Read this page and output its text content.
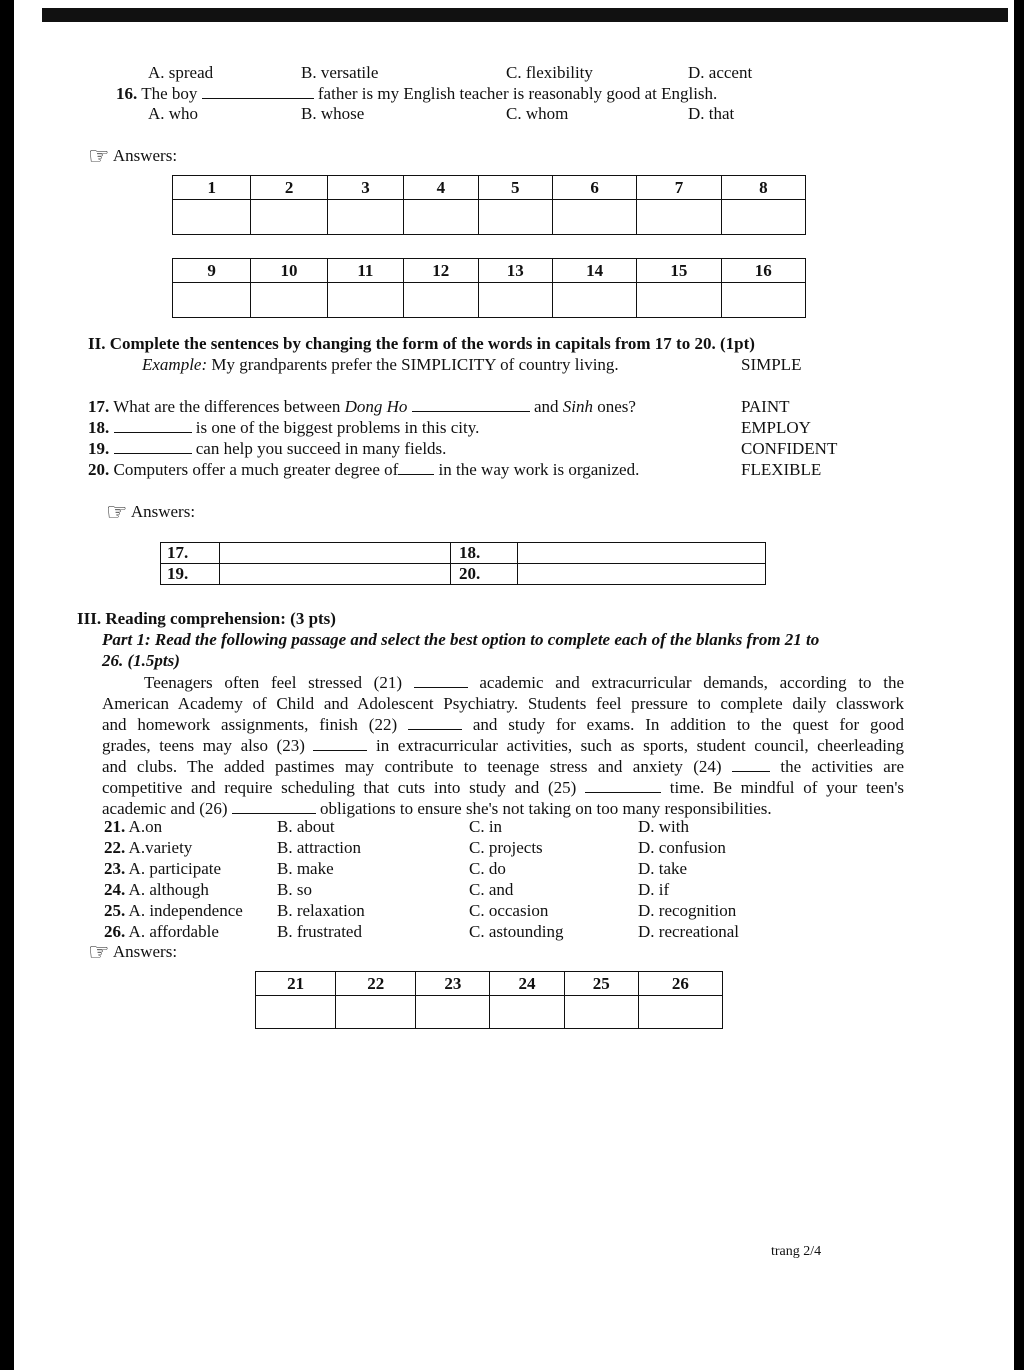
A. spread	B. versatile	C. flexibility	D. accent
16. The boy	father is my English teacher is reasonably good at English.
A. who	B. whose	C. whom	D. that
☞ Answers:
1	2	3	4	5	6	7	8

9	10	11	12	13	14	15	16

II. Complete the sentences by changing the form of the words in capitals from 17 to 20. (1pt)
Example: My grandparents prefer the SIMPLICITY of country living.	SIMPLE
17. What are the differences between Dong Ho	and Sinh ones?	PAINT
18.	is one of the biggest problems in this city.	EMPLOY
19.	can help you succeed in many fields.	CONFIDENT
20. Computers offer a much greater degree of in the way work is organized.	FLEXIBLE
☞ Answers:
17.		18.	
19.		20.	
III. Reading comprehension: (3 pts)
Part 1: Read the following passage and select the best option to complete each of the blanks from 21 to
26. (1.5pts)
Teenagers often feel stressed (21)	academic and extracurricular demands, according to the
American Academy of Child and Adolescent Psychiatry. Students feel pressure to complete daily classwork
and homework assignments, finish (22)	and study for exams. In addition to the quest for good
grades, teens may also (23)	in extracurricular activities, such as sports, student council, cheerleading
and clubs. The added pastimes may contribute to teenage stress and anxiety (24)	the activities are
competitive and require scheduling that cuts into study and (25)	time. Be mindful of your teen's
academic and (26)	obligations to ensure she's not taking on too many responsibilities.
21. A.on	B. about	C. in	D. with
22. A.variety	B. attraction	C. projects	D. confusion
23. A. participate	B. make	C. do	D. take
24. A. although	B. so	C. and	D. if
25. A. independence B. relaxation	C. occasion	D. recognition
26. A. affordable	B. frustrated	C. astounding	D. recreational
☞ Answers:
21	22	23	24	25	26

trang 2/4
